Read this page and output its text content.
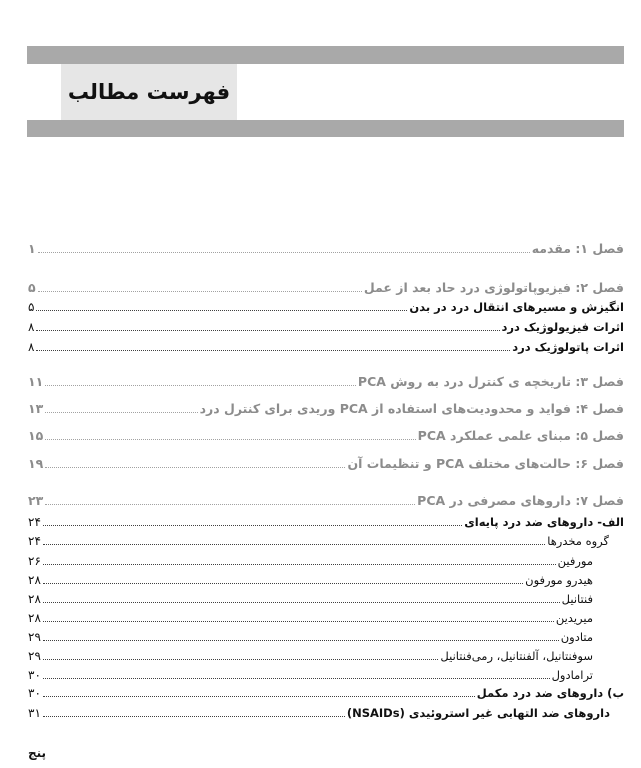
فهرست مطالب
فصل ۱: مقدمه
۱
فصل ۲: فیزیوپاتولوژی درد حاد بعد از عمل
۵
انگیزش و مسیرهای انتقال درد در بدن
۵
اثرات فیزیولوژیک درد
۸
اثرات پاتولوژیک درد
۸
فصل ۳: تاریخچه ی کنترل درد به روش PCA
۱۱
فصل ۴: فواید و محدودیت‌های استفاده از PCA وریدی برای کنترل درد
۱۳
فصل ۵: مبنای علمی عملکرد PCA
۱۵
فصل ۶: حالت‌های مختلف PCA و تنظیمات آن
۱۹
فصل ۷: داروهای مصرفی در PCA
۲۳
الف- داروهای ضد درد پایه‌ای
۲۴
گروه مخدرها
۲۴
مورفین
۲۶
هیدرو مورفون
۲۸
فنتانیل
۲۸
میریدین
۲۸
متادون
۲۹
سوفنتانیل، آلفنتانیل، رمی‌فنتانیل
۲۹
ترامادول
۳۰
ب) داروهای ضد درد مکمل
۳۰
داروهای ضد التهابی غیر استروئیدی (NSAIDs)
۳۱
پنج
